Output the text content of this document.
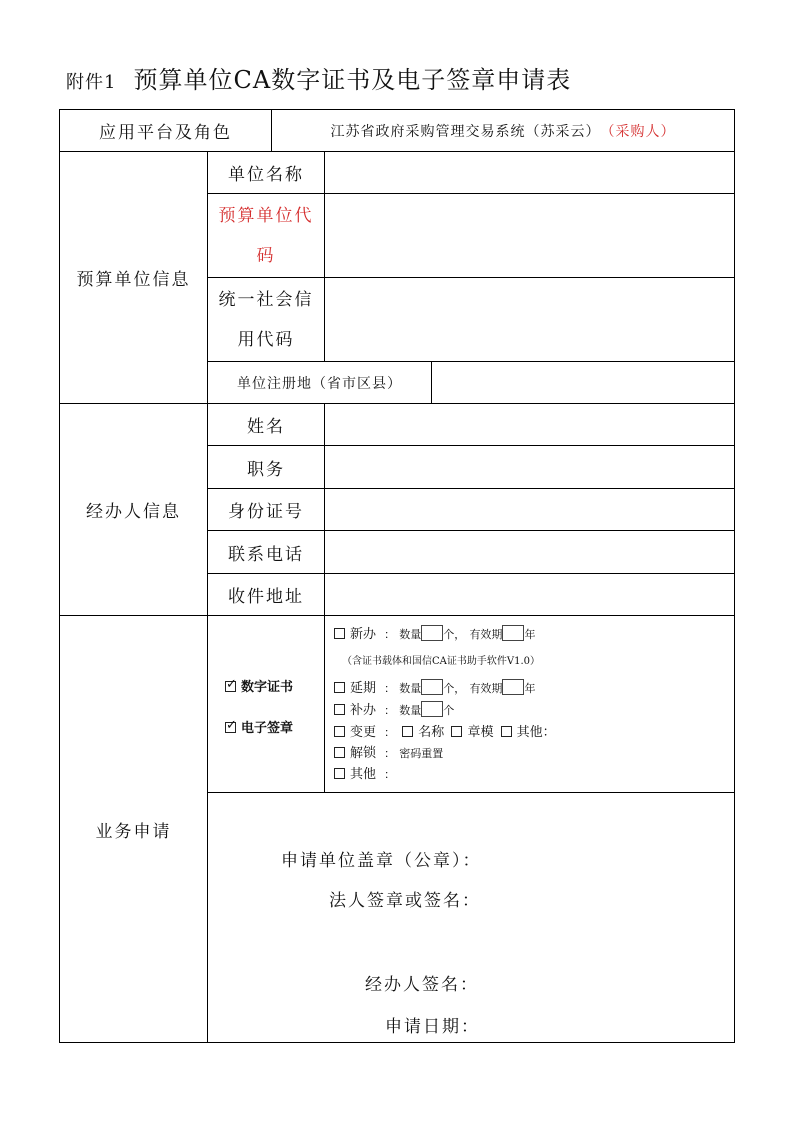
附件1 预算单位CA数字证书及电子签章申请表
应用平台及角色	江苏省政府采购管理交易系统（苏采云） （采购人）
预算单位信息
单位名称
预算单位代
码
统一社会信
用代码
单位注册地（省市区县）
经办人信息
姓名
职务
身份证号
联系电话
收件地址
业务申请
✓数字证书
✓电子签章
新办 ： 数量 个， 有效期 年
（含证书载体和国信CA证书助手软件V1.0）
延期 ： 数量 个， 有效期 年
补办 ： 数量 个
变更 ： 名称 章模 其他：
解锁 ： 密码重置
其他 ：
申请单位盖章（公章）：
法人签章或签名：
经办人签名：
申请日期：
